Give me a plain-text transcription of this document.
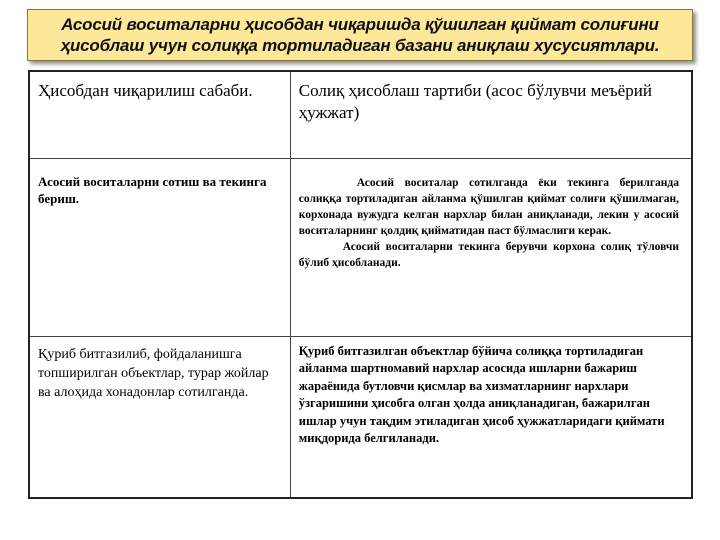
Асосий воситаларни ҳисобдан чиқаришда қўшилган қиймат солиғини ҳисоблаш учун солиққа тортиладиган базани аниқлаш хусусиятлари.
Ҳисобдан чиқарилиш сабаби.	Солиқ ҳисоблаш тартиби (асос бўлувчи меъёрий ҳужжат)
Асосий воситаларни сотиш ва текинга бериш.	Асосий воситалар сотилганда ёки текинга берилганда солиққа тортиладиган айланма қўшилган қиймат солиғи қўшилмаган, корхонада вужудга келган нархлар билан аниқланади, лекин у асосий воситаларнинг қолдиқ қийматидан паст бўлмаслиги керак.

Асосий воситаларни текинга берувчи корхона солиқ тўловчи бўлиб ҳисобланади.

Қуриб битгазилиб, фойдаланишга топширилган объектлар, турар жойлар ва алоҳида хонадонлар сотилганда.	Қуриб битгазилган объектлар бўйича солиққа тортиладиган айланма шартномавий нархлар асосида ишларни бажариш жараёнида бутловчи қисмлар ва хизматларнинг нархлари ўзгаришини ҳисобга олган ҳолда аниқланадиган, бажарилган ишлар учун тақдим этиладиган ҳисоб ҳужжатларидаги қиймати миқдорида белгиланади.
